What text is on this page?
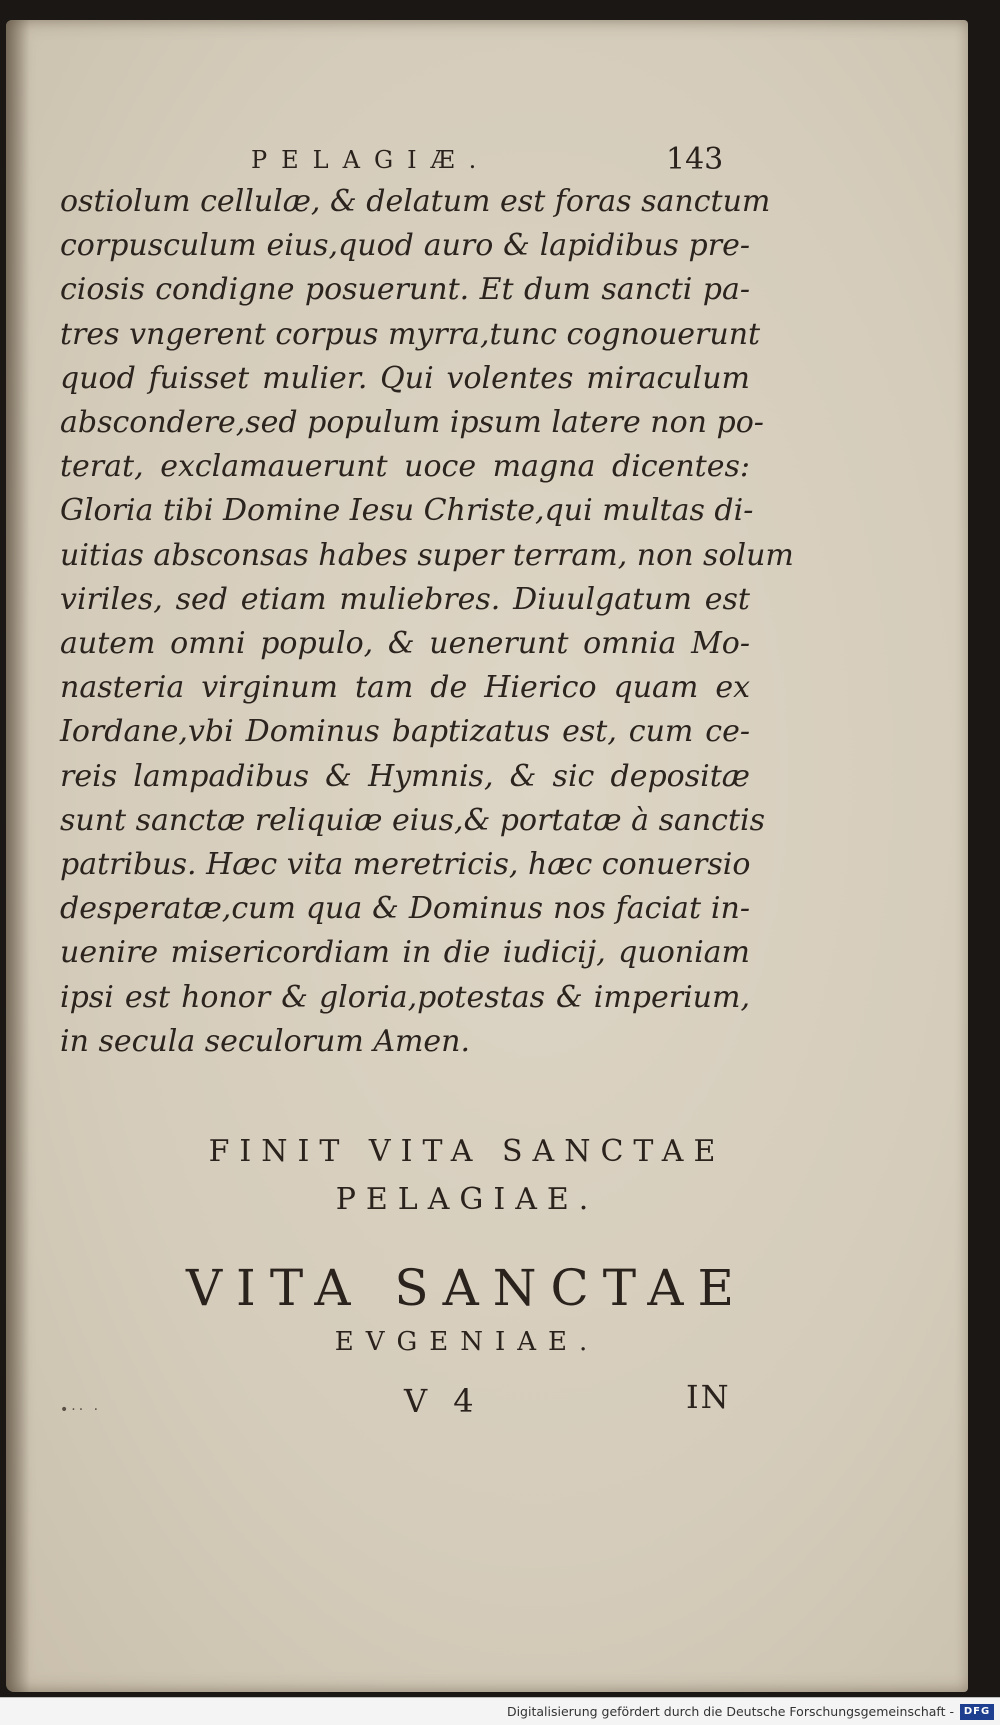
PELAGIÆ.	143
ostiolum cellulæ, & delatum est foras sanctum
corpusculum eius,quod auro & lapidibus pre-
ciosis condigne posuerunt. Et dum sancti pa-
tres vngerent corpus myrra,tunc cognouerunt
quod fuisset mulier. Qui volentes miraculum
abscondere,sed populum ipsum latere non po-
terat, exclamauerunt uoce magna dicentes:
Gloria tibi Domine Iesu Christe,qui multas di-
uitias absconsas habes super terram, non solum
viriles, sed etiam muliebres. Diuulgatum est
autem omni populo, & uenerunt omnia Mo-
nasteria virginum tam de Hierico quam ex
Iordane,vbi Dominus baptizatus est, cum ce-
reis lampadibus & Hymnis, & sic depositæ
sunt sanctæ reliquiæ eius,& portatæ à sanctis
patribus. Hæc vita meretricis, hæc conuersio
desperatæ,cum qua & Dominus nos faciat in-
uenire misericordiam in die iudicij, quoniam
ipsi est honor & gloria,potestas & imperium,
in secula seculorum Amen.
FINIT VITA SANCTAE
PELAGIAE.
VITA SANCTAE
EVGENIAE.
•·· ·	V 4	IN
Digitalisierung gefördert durch die Deutsche Forschungsgemeinschaft - DFG
